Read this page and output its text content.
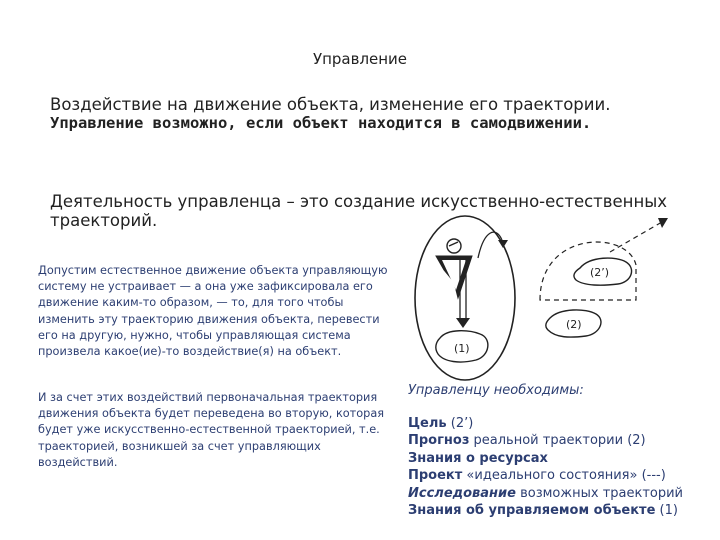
Управление
Воздействие на движение объекта, изменение его траектории.
Управление возможно, если объект находится в самодвижении.
Деятельность управленца – это создание искусственно-естественных траекторий.
Допустим естественное движение объекта управляющую систему не устраивает — а она уже зафиксировала его движение каким-то образом, — то, для того чтобы изменить эту траекторию движения объекта, перевести его на другую, нужно, чтобы управляющая система произвела какое(ие)-то воздействие(я) на объект.
И за счет этих воздействий первоначальная траектория движения объекта будет переведена во вторую, которая будет уже искусственно-естественной траекторией, т.е. траекторией, возникшей за счет управляющих воздействий.
(1)
(2’)
(2)
Управленцу необходимы:
Цель (2’)
Прогноз реальной траектории (2)
Знания о ресурсах
Проект «идеального состояния» (---)
Исследование возможных траекторий
Знания об управляемом объекте (1)
